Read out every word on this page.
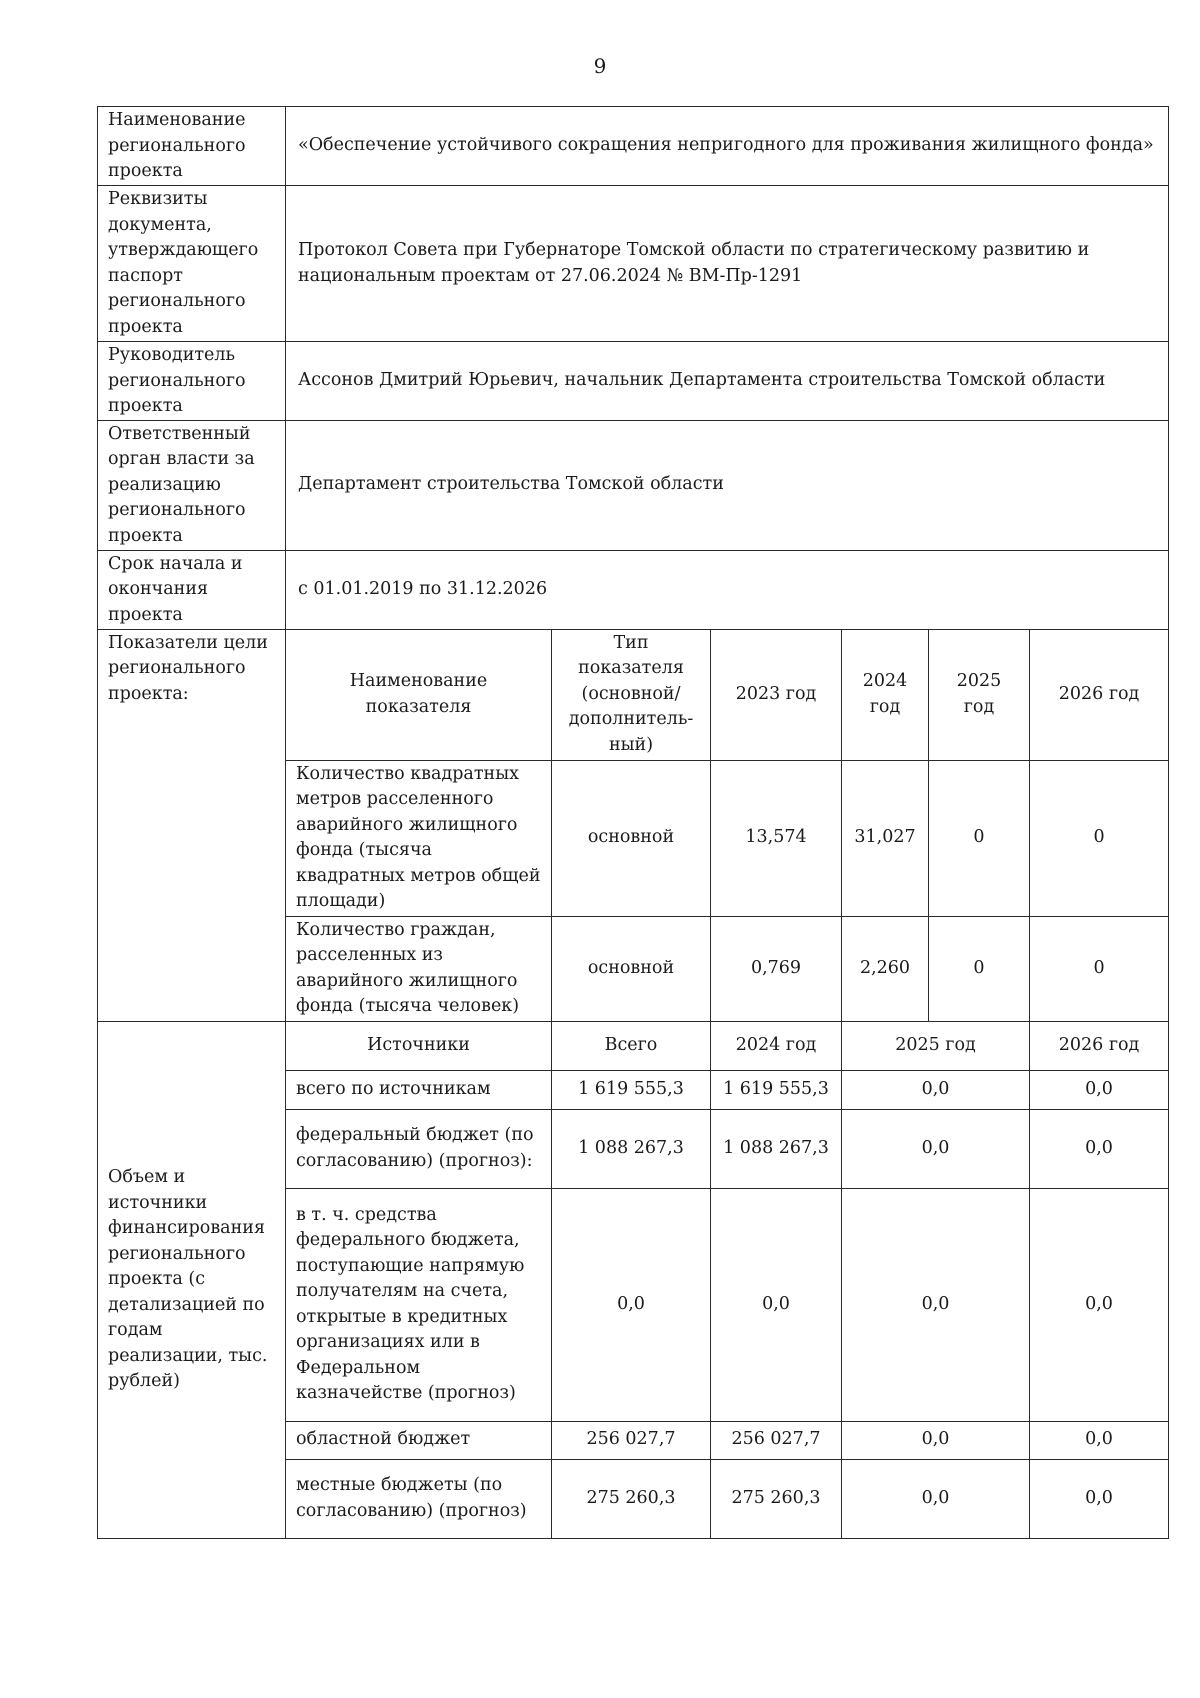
9
Наименование регионального проекта	«Обеспечение устойчивого сокращения непригодного для проживания жилищного фонда»					
Реквизиты документа, утверждающего паспорт регионального проекта	Протокол Совета при Губернаторе Томской области по стратегическому развитию и национальным проектам от 27.06.2024 № ВМ-Пр-1291					
Руководитель регионального проекта	Ассонов Дмитрий Юрьевич, начальник Департамента строительства Томской области					
Ответственный орган власти за реализацию регионального проекта	Департамент строительства Томской области					
Срок начала и окончания проекта	с 01.01.2019 по 31.12.2026					
Показатели цели регионального проекта:	Наименование показателя	Тип показателя (основной/ дополнитель-ный)	2023 год	2024 год	2025 год	2026 год
	Количество квадратных метров расселенного аварийного жилищного фонда (тысяча квадратных метров общей площади)	основной	13,574	31,027	0	0
	Количество граждан, расселенных из аварийного жилищного фонда (тысяча человек)	основной	0,769	2,260	0	0
Объем и источники финансирования регионального проекта (с детализацией по годам реализации, тыс. рублей)	Источники	Всего	2024 год	2025 год		2026 год
	всего по источникам	1 619 555,3	1 619 555,3	0,0		0,0
	федеральный бюджет (по согласованию) (прогноз):	1 088 267,3	1 088 267,3	0,0		0,0
	в т. ч. средства федерального бюджета, поступающие напрямую получателям на счета, открытые в кредитных организациях или в Федеральном казначействе (прогноз)	0,0	0,0	0,0		0,0
	областной бюджет	256 027,7	256 027,7	0,0		0,0
	местные бюджеты (по согласованию) (прогноз)	275 260,3	275 260,3	0,0		0,0
